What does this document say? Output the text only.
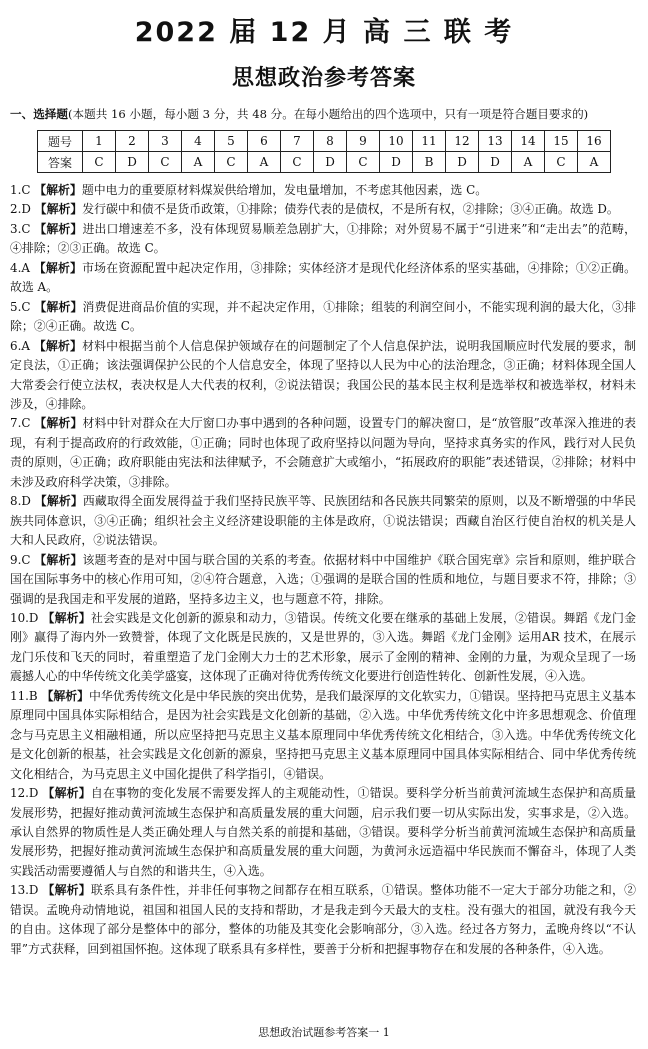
2022 届 12 月 高 三 联 考
思想政治参考答案
一、选择题(本题共 16 小题，每小题 3 分，共 48 分。在每小题给出的四个选项中，只有一项是符合题目要求的)
题号	1	2	3	4	5	6	7	8	9	10	11	12	13	14	15	16
答案	C	D	C	A	C	A	C	D	C	D	B	D	D	A	C	A

1.C 【解析】题中电力的重要原材料煤炭供给增加，发电量增加，不考虑其他因素，选 C。

2.D 【解析】发行碳中和债不是货币政策，①排除；债券代表的是债权，不是所有权，②排除；③④正确。故选 D。

3.C 【解析】进出口增速差不多，没有体现贸易顺差急剧扩大，①排除；对外贸易不属于“引进来”和“走出去”的范畴，④排除；②③正确。故选 C。

4.A 【解析】市场在资源配置中起决定作用，③排除；实体经济才是现代化经济体系的坚实基础，④排除；①②正确。故选 A。

5.C 【解析】消费促进商品价值的实现，并不起决定作用，①排除；组装的利润空间小，不能实现利润的最大化，③排除；②④正确。故选 C。

6.A 【解析】材料中根据当前个人信息保护领域存在的问题制定了个人信息保护法，说明我国顺应时代发展的要求，制定良法，①正确；该法强调保护公民的个人信息安全，体现了坚持以人民为中心的法治理念，③正确；材料体现全国人大常委会行使立法权，表决权是人大代表的权利，②说法错误；我国公民的基本民主权利是选举权和被选举权，材料未涉及，④排除。

7.C 【解析】材料中针对群众在大厅窗口办事中遇到的各种问题，设置专门的解决窗口，是“放管服”改革深入推进的表现，有利于提高政府的行政效能，①正确；同时也体现了政府坚持以问题为导向，坚持求真务实的作风，践行对人民负责的原则，④正确；政府职能由宪法和法律赋予，不会随意扩大或缩小，“拓展政府的职能”表述错误，②排除；材料中未涉及政府科学决策，③排除。

8.D 【解析】西藏取得全面发展得益于我们坚持民族平等、民族团结和各民族共同繁荣的原则，以及不断增强的中华民族共同体意识，③④正确；组织社会主义经济建设职能的主体是政府，①说法错误；西藏自治区行使自治权的机关是人大和人民政府，②说法错误。

9.C 【解析】该题考查的是对中国与联合国的关系的考查。依据材料中中国维护《联合国宪章》宗旨和原则，维护联合国在国际事务中的核心作用可知，②④符合题意，入选；①强调的是联合国的性质和地位，与题目要求不符，排除；③强调的是我国走和平发展的道路，坚持多边主义，也与题意不符，排除。

10.D 【解析】社会实践是文化创新的源泉和动力，③错误。传统文化要在继承的基础上发展，②错误。舞蹈《龙门金刚》赢得了海内外一致赞誉，体现了文化既是民族的，又是世界的，③入选。舞蹈《龙门金刚》运用AR 技术，在展示龙门乐伎和飞天的同时，着重塑造了龙门金刚大力士的艺术形象，展示了金刚的精神、金刚的力量，为观众呈现了一场震撼人心的中华传统文化美学盛宴，这体现了正确对待优秀传统文化要进行创造性转化、创新性发展，④入选。

11.B 【解析】中华优秀传统文化是中华民族的突出优势，是我们最深厚的文化软实力，①错误。坚持把马克思主义基本原理同中国具体实际相结合，是因为社会实践是文化创新的基础，②入选。中华优秀传统文化中许多思想观念、价值理念与马克思主义相融相通，所以应坚持把马克思主义基本原理同中华优秀传统文化相结合，③入选。中华优秀传统文化是文化创新的根基，社会实践是文化创新的源泉，坚持把马克思主义基本原理同中国具体实际相结合、同中华优秀传统文化相结合，为马克思主义中国化提供了科学指引，④错误。

12.D 【解析】自在事物的变化发展不需要发挥人的主观能动性，①错误。要科学分析当前黄河流域生态保护和高质量发展形势，把握好推动黄河流域生态保护和高质量发展的重大问题，启示我们要一切从实际出发，实事求是，②入选。承认自然界的物质性是人类正确处理人与自然关系的前提和基础，③错误。要科学分析当前黄河流域生态保护和高质量发展形势，把握好推动黄河流域生态保护和高质量发展的重大问题，为黄河永远造福中华民族而不懈奋斗，体现了人类实践活动需要遵循人与自然的和谐共生，④入选。

13.D 【解析】联系具有条件性，并非任何事物之间都存在相互联系，①错误。整体功能不一定大于部分功能之和，②错误。孟晚舟动情地说，祖国和祖国人民的支持和帮助，才是我走到今天最大的支柱。没有强大的祖国，就没有我今天的自由。这体现了部分是整体中的部分，整体的功能及其变化会影响部分，③入选。经过各方努力，孟晚舟终以“不认罪”方式获释，回到祖国怀抱。这体现了联系具有多样性，要善于分析和把握事物存在和发展的各种条件，④入选。

思想政治试题参考答案一 1
